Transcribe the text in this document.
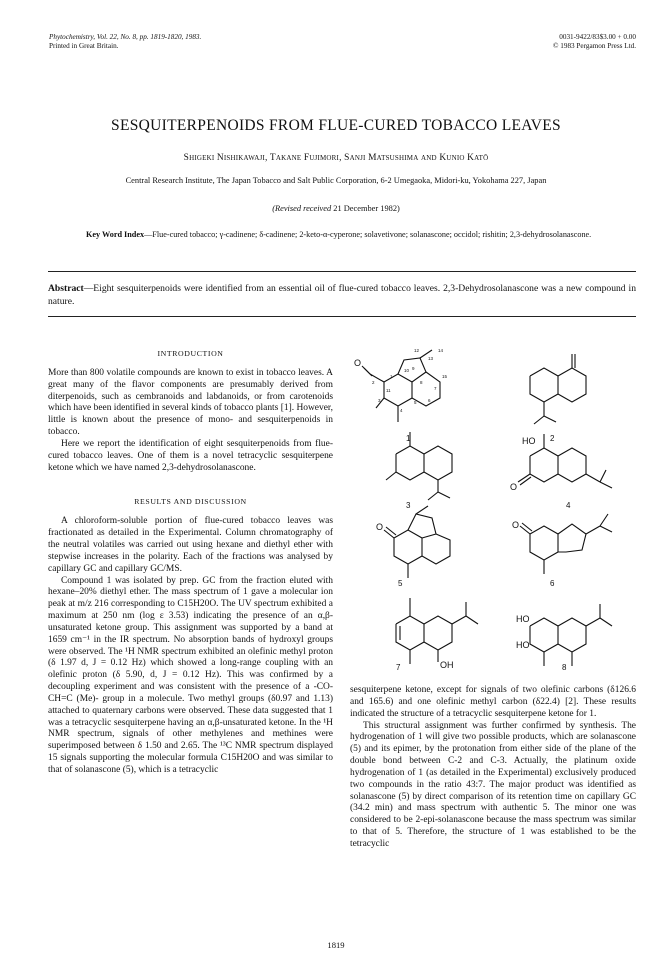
Phytochemistry, Vol. 22, No. 8, pp. 1819-1820, 1983.
Printed in Great Britain.
0031-9422/83$3.00 + 0.00
© 1983 Pergamon Press Ltd.
SESQUITERPENOIDS FROM FLUE-CURED TOBACCO LEAVES
Shigeki Nishikawaji, Takane Fujimori, Sanji Matsushima and Kunio Katō
Central Research Institute, The Japan Tobacco and Salt Public Corporation, 6-2 Umegaoka, Midori-ku, Yokohama 227, Japan
(Revised received 21 December 1982)
Key Word Index—Flue-cured tobacco; γ-cadinene; δ-cadinene; 2-keto-α-cyperone; solavetivone; solanascone; occidol; rishitin; 2,3-dehydrosolanascone.
Abstract—Eight sesquiterpenoids were identified from an essential oil of flue-cured tobacco leaves. 2,3-Dehydrosolanascone was a new compound in nature.
INTRODUCTION

More than 800 volatile compounds are known to exist in tobacco leaves. A great many of the flavor components are presumably derived from diterpenoids, such as cembranoids and labdanoids, or from carotenoids which have been identified in several kinds of tobacco plants [1]. However, little is known about the presence of mono- and sesquiterpenoids in tobacco.

Here we report the identification of eight sesquiterpenoids from flue-cured tobacco leaves. One of them is a novel tetracyclic sesquiterpene ketone which we have named 2,3-dehydrosolanascone.

RESULTS AND DISCUSSION

A chloroform-soluble portion of flue-cured tobacco leaves was fractionated as detailed in the Experimental. Column chromatography of the neutral volatiles was carried out using hexane and diethyl ether with stepwise increases in the polarity. Each of the fractions was analysed by capillary GC and capillary GC/MS.

Compound 1 was isolated by prep. GC from the fraction eluted with hexane–20% diethyl ether. The mass spectrum of 1 gave a molecular ion peak at m/z 216 corresponding to C15H20O. The UV spectrum exhibited a maximum at 250 nm (log ε 3.53) indicating the presence of an α,β-unsaturated ketone group. This assignment was supported by a band at 1659 cm⁻¹ in the IR spectrum. No absorption bands of hydroxyl groups were observed. The ¹H NMR spectrum exhibited an olefinic methyl proton (δ 1.97 d, J = 0.12 Hz) which showed a long-range coupling with an olefinic proton (δ 5.90, d, J = 0.12 Hz). This was confirmed by a decoupling experiment and was consistent with the presence of a -CO-CH=C (Me)- group in a molecule. Two methyl groups (δ0.97 and 1.13) attached to quaternary carbons were observed. These data suggested that 1 was a tetracyclic sesquiterpene having an α,β-unsaturated ketone. In the ¹H NMR spectrum, signals of other methylenes and methines were superimposed between δ 1.50 and 2.65. The ¹³C NMR spectrum displayed 15 signals supporting the molecular formula C15H20O and was similar to that of solanascone (5), which is a tetracyclic

O
O	O
O
HO
HO
HO
OH
12
13
14
15
10
11
1
2
3
4
5	6
7
8
9
1	2
3	4
5	6
7	8

sesquiterpene ketone, except for signals of two olefinic carbons (δ126.6 and 165.6) and one olefinic methyl carbon (δ22.4) [2]. These results indicated the structure of a tetracyclic sesquiterpene ketone for 1.

This structural assignment was further confirmed by synthesis. The hydrogenation of 1 will give two possible products, which are solanascone (5) and its epimer, by the protonation from either side of the plane of the double bond between C-2 and C-3. Actually, the platinum oxide hydrogenation of 1 (as detailed in the Experimental) exclusively produced two compounds in the ratio 43:7. The major product was identified as solanascone (5) by direct comparison of its retention time on capillary GC (34.2 min) and mass spectrum with authentic 5. The minor one was considered to be 2-epi-solanascone because the mass spectrum was similar to that of 5. Therefore, the structure of 1 was established to be the tetracyclic

1819
